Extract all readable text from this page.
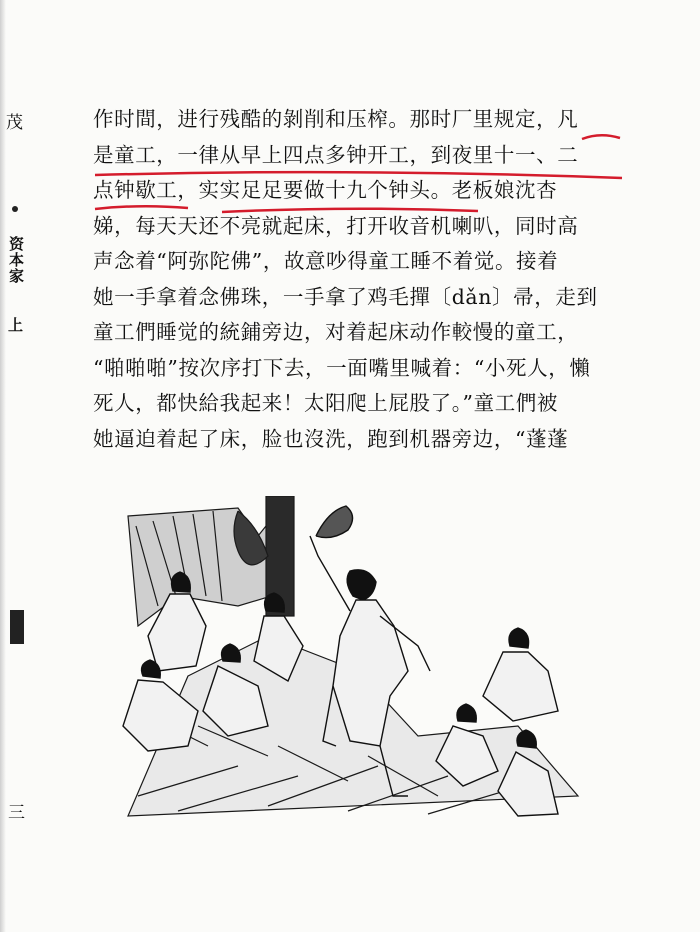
茂
资本家
上
三

作时間，进行残酷的剝削和压榨。那时厂里规定，凡

是童工，一律从早上四点多钟开工，到夜里十一、二

点钟歇工，实实足足要做十九个钟头。老板娘沈杏

娣，每天天还不亮就起床，打开收音机喇叭，同时高

声念着“阿弥陀佛”，故意吵得童工睡不着觉。接着

她一手拿着念佛珠，一手拿了鸡毛撣〔dǎn〕帚，走到

童工們睡觉的統鋪旁边，对着起床动作較慢的童工，

“啪啪啪”按次序打下去，一面嘴里喊着：“小死人，懶

死人，都快給我起来！太阳爬上屁股了。”童工們被

她逼迫着起了床，脸也沒洗，跑到机器旁边，“蓬蓬
